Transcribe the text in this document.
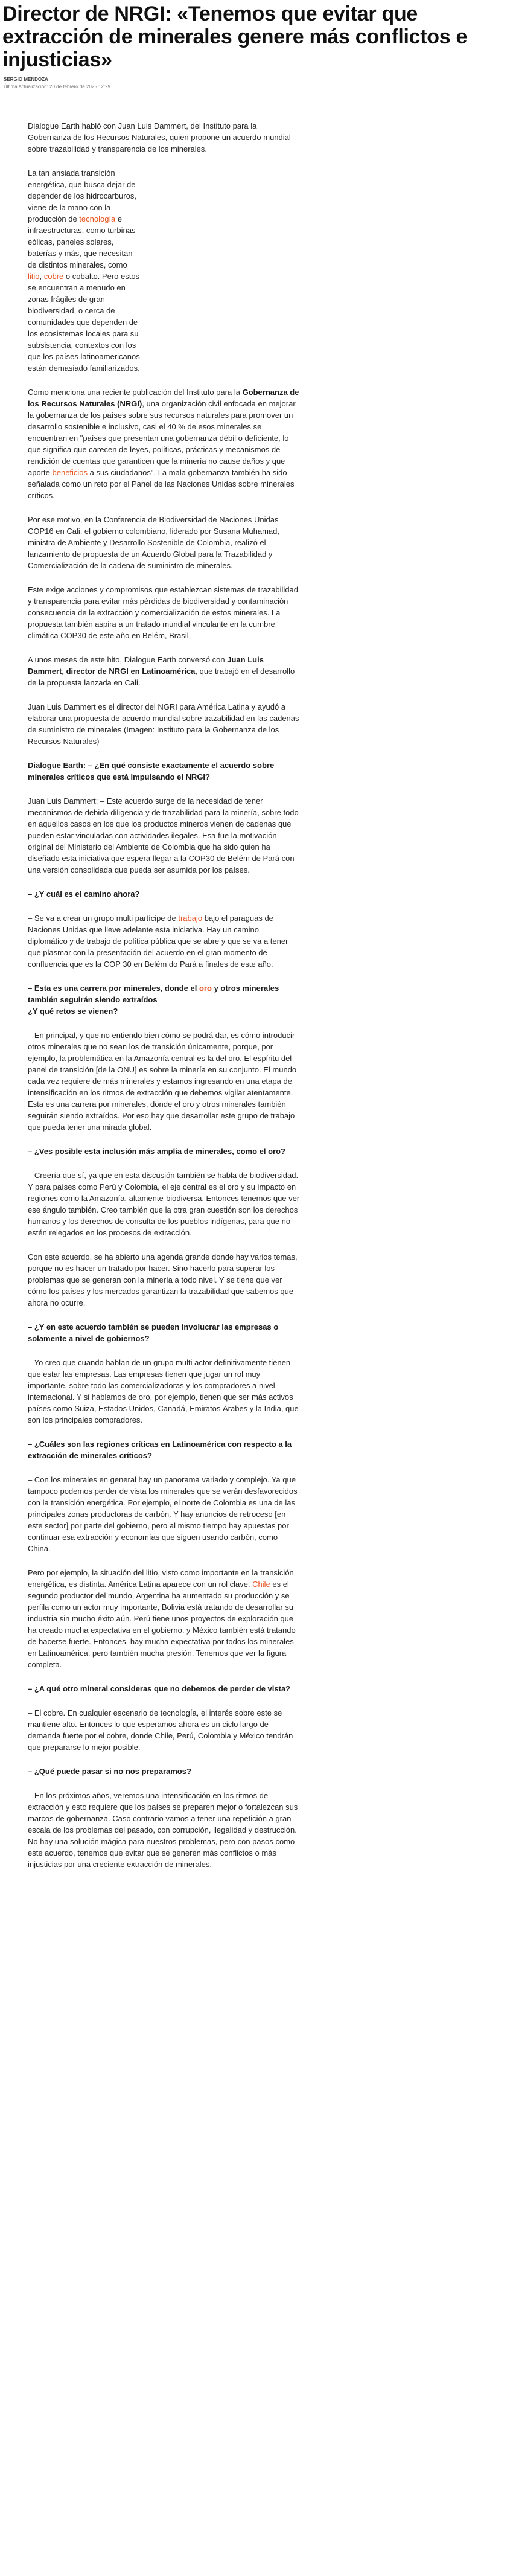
Director de NRGI: «Tenemos que evitar que extracción de minerales genere más conflictos e injusticias»
SERGIO MENDOZA
Última Actualización: 20 de febrero de 2025 12:29

Dialogue Earth habló con Juan Luis Dammert, del Instituto para la Gobernanza de los Recursos Naturales, quien propone un acuerdo mundial sobre trazabilidad y transparencia de los minerales.

La tan ansiada transición energética, que busca dejar de depender de los hidrocarburos, viene de la mano con la producción de tecnología e infraestructuras, como turbinas eólicas, paneles solares, baterías y más, que necesitan de distintos minerales, como litio, cobre o cobalto. Pero estos se encuentran a menudo en zonas frágiles de gran biodiversidad, o cerca de comunidades que dependen de los ecosistemas locales para su subsistencia, contextos con los que los países latinoamericanos están demasiado familiarizados.

Como menciona una reciente publicación del Instituto para la Gobernanza de los Recursos Naturales (NRGI), una organización civil enfocada en mejorar la gobernanza de los países sobre sus recursos naturales para promover un desarrollo sostenible e inclusivo, casi el 40 % de esos minerales se encuentran en "países que presentan una gobernanza débil o deficiente, lo que significa que carecen de leyes, políticas, prácticas y mecanismos de rendición de cuentas que garanticen que la minería no cause daños y que aporte beneficios a sus ciudadanos". La mala gobernanza también ha sido señalada como un reto por el Panel de las Naciones Unidas sobre minerales críticos.

Por ese motivo, en la Conferencia de Biodiversidad de Naciones Unidas COP16 en Cali, el gobierno colombiano, liderado por Susana Muhamad, ministra de Ambiente y Desarrollo Sostenible de Colombia, realizó el lanzamiento de propuesta de un Acuerdo Global para la Trazabilidad y Comercialización de la cadena de suministro de minerales.

Este exige acciones y compromisos que establezcan sistemas de trazabilidad y transparencia para evitar más pérdidas de biodiversidad y contaminación consecuencia de la extracción y comercialización de estos minerales. La propuesta también aspira a un tratado mundial vinculante en la cumbre climática COP30 de este año en Belém, Brasil.

A unos meses de este hito, Dialogue Earth conversó con Juan Luis Dammert, director de NRGI en Latinoamérica, que trabajó en el desarrollo de la propuesta lanzada en Cali.

Juan Luis Dammert es el director del NGRI para América Latina y ayudó a elaborar una propuesta de acuerdo mundial sobre trazabilidad en las cadenas de suministro de minerales (Imagen: Instituto para la Gobernanza de los Recursos Naturales)

Dialogue Earth: – ¿En qué consiste exactamente el acuerdo sobre minerales críticos que está impulsando el NRGI?

Juan Luis Dammert: – Este acuerdo surge de la necesidad de tener mecanismos de debida diligencia y de trazabilidad para la minería, sobre todo en aquellos casos en los que los productos mineros vienen de cadenas que pueden estar vinculadas con actividades ilegales. Esa fue la motivación original del Ministerio del Ambiente de Colombia que ha sido quien ha diseñado esta iniciativa que espera llegar a la COP30 de Belém de Pará con una versión consolidada que pueda ser asumida por los países.

– ¿Y cuál es el camino ahora?

– Se va a crear un grupo multi partícipe de trabajo bajo el paraguas de Naciones Unidas que lleve adelante esta iniciativa. Hay un camino diplomático y de trabajo de política pública que se abre y que se va a tener que plasmar con la presentación del acuerdo en el gran momento de confluencia que es la COP 30 en Belém do Pará a finales de este año.

– Esta es una carrera por minerales, donde el oro y otros minerales también seguirán siendo extraídos
¿Y qué retos se vienen?

– En principal, y que no entiendo bien cómo se podrá dar, es cómo introducir otros minerales que no sean los de transición únicamente, porque, por ejemplo, la problemática en la Amazonía central es la del oro. El espíritu del panel de transición [de la ONU] es sobre la minería en su conjunto. El mundo cada vez requiere de más minerales y estamos ingresando en una etapa de intensificación en los ritmos de extracción que debemos vigilar atentamente. Esta es una carrera por minerales, donde el oro y otros minerales también seguirán siendo extraídos. Por eso hay que desarrollar este grupo de trabajo que pueda tener una mirada global.

– ¿Ves posible esta inclusión más amplia de minerales, como el oro?

– Creería que sí, ya que en esta discusión también se habla de biodiversidad. Y para países como Perú y Colombia, el eje central es el oro y su impacto en regiones como la Amazonía, altamente-biodiversa. Entonces tenemos que ver ese ángulo también. Creo también que la otra gran cuestión son los derechos humanos y los derechos de consulta de los pueblos indígenas, para que no estén relegados en los procesos de extracción.

Con este acuerdo, se ha abierto una agenda grande donde hay varios temas, porque no es hacer un tratado por hacer. Sino hacerlo para superar los problemas que se generan con la minería a todo nivel. Y se tiene que ver cómo los países y los mercados garantizan la trazabilidad que sabemos que ahora no ocurre.

– ¿Y en este acuerdo también se pueden involucrar las empresas o solamente a nivel de gobiernos?

– Yo creo que cuando hablan de un grupo multi actor definitivamente tienen que estar las empresas. Las empresas tienen que jugar un rol muy importante, sobre todo las comercializadoras y los compradores a nivel internacional. Y si hablamos de oro, por ejemplo, tienen que ser más activos países como Suiza, Estados Unidos, Canadá, Emiratos Árabes y la India, que son los principales compradores.

– ¿Cuáles son las regiones críticas en Latinoamérica con respecto a la extracción de minerales críticos?

– Con los minerales en general hay un panorama variado y complejo. Ya que tampoco podemos perder de vista los minerales que se verán desfavorecidos con la transición energética. Por ejemplo, el norte de Colombia es una de las principales zonas productoras de carbón. Y hay anuncios de retroceso [en este sector] por parte del gobierno, pero al mismo tiempo hay apuestas por continuar esa extracción y economías que siguen usando carbón, como China.

Pero por ejemplo, la situación del litio, visto como importante en la transición energética, es distinta. América Latina aparece con un rol clave. Chile es el segundo productor del mundo, Argentina ha aumentado su producción y se perfila como un actor muy importante, Bolivia está tratando de desarrollar su industria sin mucho éxito aún. Perú tiene unos proyectos de exploración que ha creado mucha expectativa en el gobierno, y México también está tratando de hacerse fuerte. Entonces, hay mucha expectativa por todos los minerales en Latinoamérica, pero también mucha presión. Tenemos que ver la figura completa.

– ¿A qué otro mineral consideras que no debemos de perder de vista?

– El cobre. En cualquier escenario de tecnología, el interés sobre este se mantiene alto. Entonces lo que esperamos ahora es un ciclo largo de demanda fuerte por el cobre, donde Chile, Perú, Colombia y México tendrán que prepararse lo mejor posible.

– ¿Qué puede pasar si no nos preparamos?

– En los próximos años, veremos una intensificación en los ritmos de extracción y esto requiere que los países se preparen mejor o fortalezcan sus marcos de gobernanza. Caso contrario vamos a tener una repetición a gran escala de los problemas del pasado, con corrupción, ilegalidad y destrucción. No hay una solución mágica para nuestros problemas, pero con pasos como este acuerdo, tenemos que evitar que se generen más conflictos o más injusticias por una creciente extracción de minerales.
